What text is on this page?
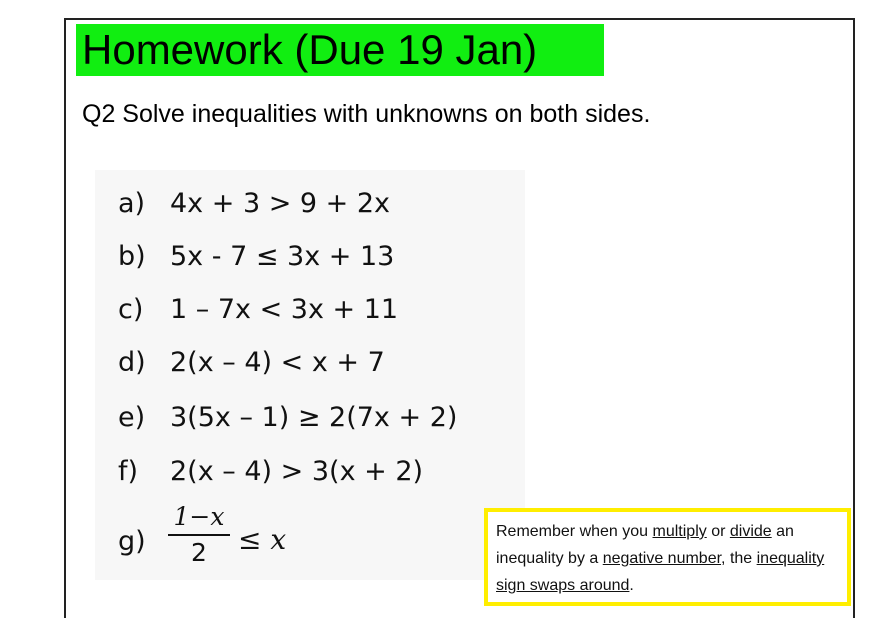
Homework (Due 19 Jan)
Q2 Solve inequalities with unknowns on both sides.
a) 4x + 3 > 9 + 2x
b) 5x - 7 ≤ 3x + 13
c) 1 – 7x < 3x + 11
d) 2(x – 4) < x + 7
e) 3(5x – 1) ≥ 2(7x + 2)
f) 2(x – 4) > 3(x + 2)
g)
1−x
2	≤ x	Remember when you multiply or divide an inequality by a negative number, the inequality sign swaps around.
